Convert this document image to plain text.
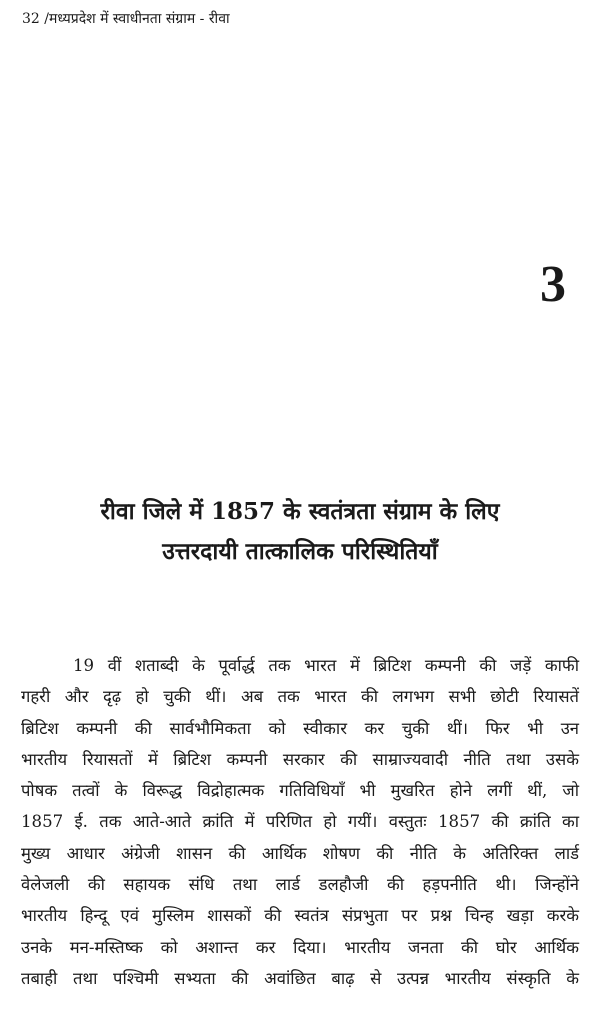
32 /मध्यप्रदेश में स्वाधीनता संग्राम - रीवा
3
रीवा जिले में 1857 के स्वतंत्रता संग्राम के लिए
उत्तरदायी तात्कालिक परिस्थितियाँ
19 वीं शताब्दी के पूर्वार्द्ध तक भारत में ब्रिटिश कम्पनी की जड़ें काफी
गहरी और दृढ़ हो चुकी थीं। अब तक भारत की लगभग सभी छोटी रियासतें
ब्रिटिश कम्पनी की सार्वभौमिकता को स्वीकार कर चुकी थीं। फिर भी उन
भारतीय रियासतों में ब्रिटिश कम्पनी सरकार की साम्राज्यवादी नीति तथा उसके
पोषक तत्वों के विरूद्ध विद्रोहात्मक गतिविधियाँ भी मुखरित होने लगीं थीं, जो
1857 ई. तक आते-आते क्रांति में परिणित हो गयीं। वस्तुतः 1857 की क्रांति का
मुख्य आधार अंग्रेजी शासन की आर्थिक शोषण की नीति के अतिरिक्त लार्ड
वेलेजली की सहायक संधि तथा लार्ड डलहौजी की हड़पनीति थी। जिन्होंने
भारतीय हिन्दू एवं मुस्लिम शासकों की स्वतंत्र संप्रभुता पर प्रश्न चिन्ह खड़ा करके
उनके मन-मस्तिष्क को अशान्त कर दिया। भारतीय जनता की घोर आर्थिक
तबाही तथा पश्चिमी सभ्यता की अवांछित बाढ़ से उत्पन्न भारतीय संस्कृति के
